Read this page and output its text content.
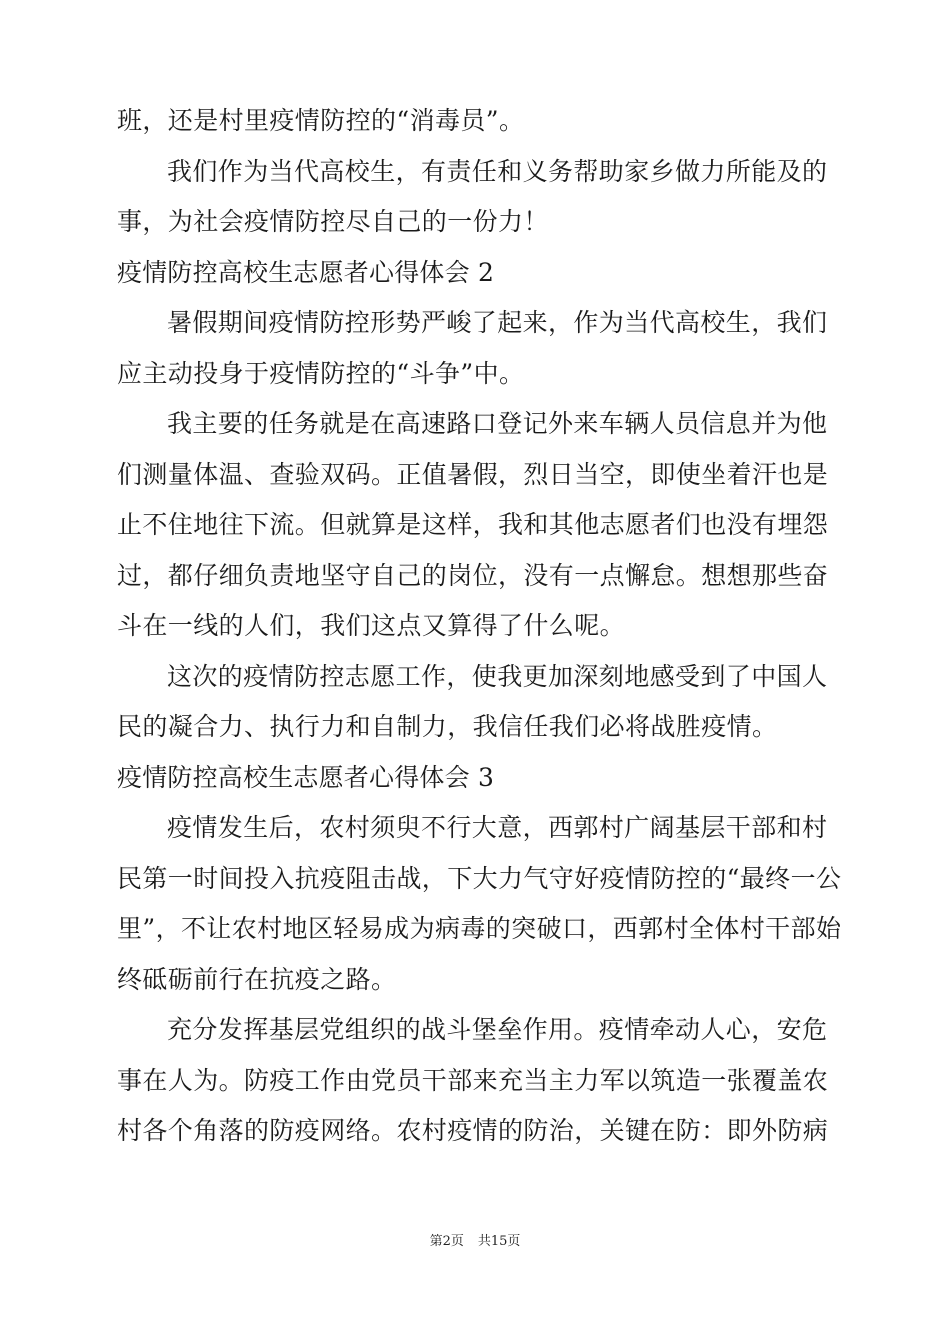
班，还是村里疫情防控的“消毒员”。
我们作为当代高校生，有责任和义务帮助家乡做力所能及的
事，为社会疫情防控尽自己的一份力！
疫情防控高校生志愿者心得体会 2
暑假期间疫情防控形势严峻了起来，作为当代高校生，我们
应主动投身于疫情防控的“斗争”中。
我主要的任务就是在高速路口登记外来车辆人员信息并为他
们测量体温、查验双码。正值暑假，烈日当空，即使坐着汗也是
止不住地往下流。但就算是这样，我和其他志愿者们也没有埋怨
过，都仔细负责地坚守自己的岗位，没有一点懈怠。想想那些奋
斗在一线的人们，我们这点又算得了什么呢。
这次的疫情防控志愿工作，使我更加深刻地感受到了中国人
民的凝合力、执行力和自制力，我信任我们必将战胜疫情。
疫情防控高校生志愿者心得体会 3
疫情发生后，农村须臾不行大意，西郭村广阔基层干部和村
民第一时间投入抗疫阻击战，下大力气守好疫情防控的“最终一公
里”，不让农村地区轻易成为病毒的突破口，西郭村全体村干部始
终砥砺前行在抗疫之路。
充分发挥基层党组织的战斗堡垒作用。疫情牵动人心，安危
事在人为。防疫工作由党员干部来充当主力军以筑造一张覆盖农
村各个角落的防疫网络。农村疫情的防治，关键在防：即外防病
第2页 共15页
